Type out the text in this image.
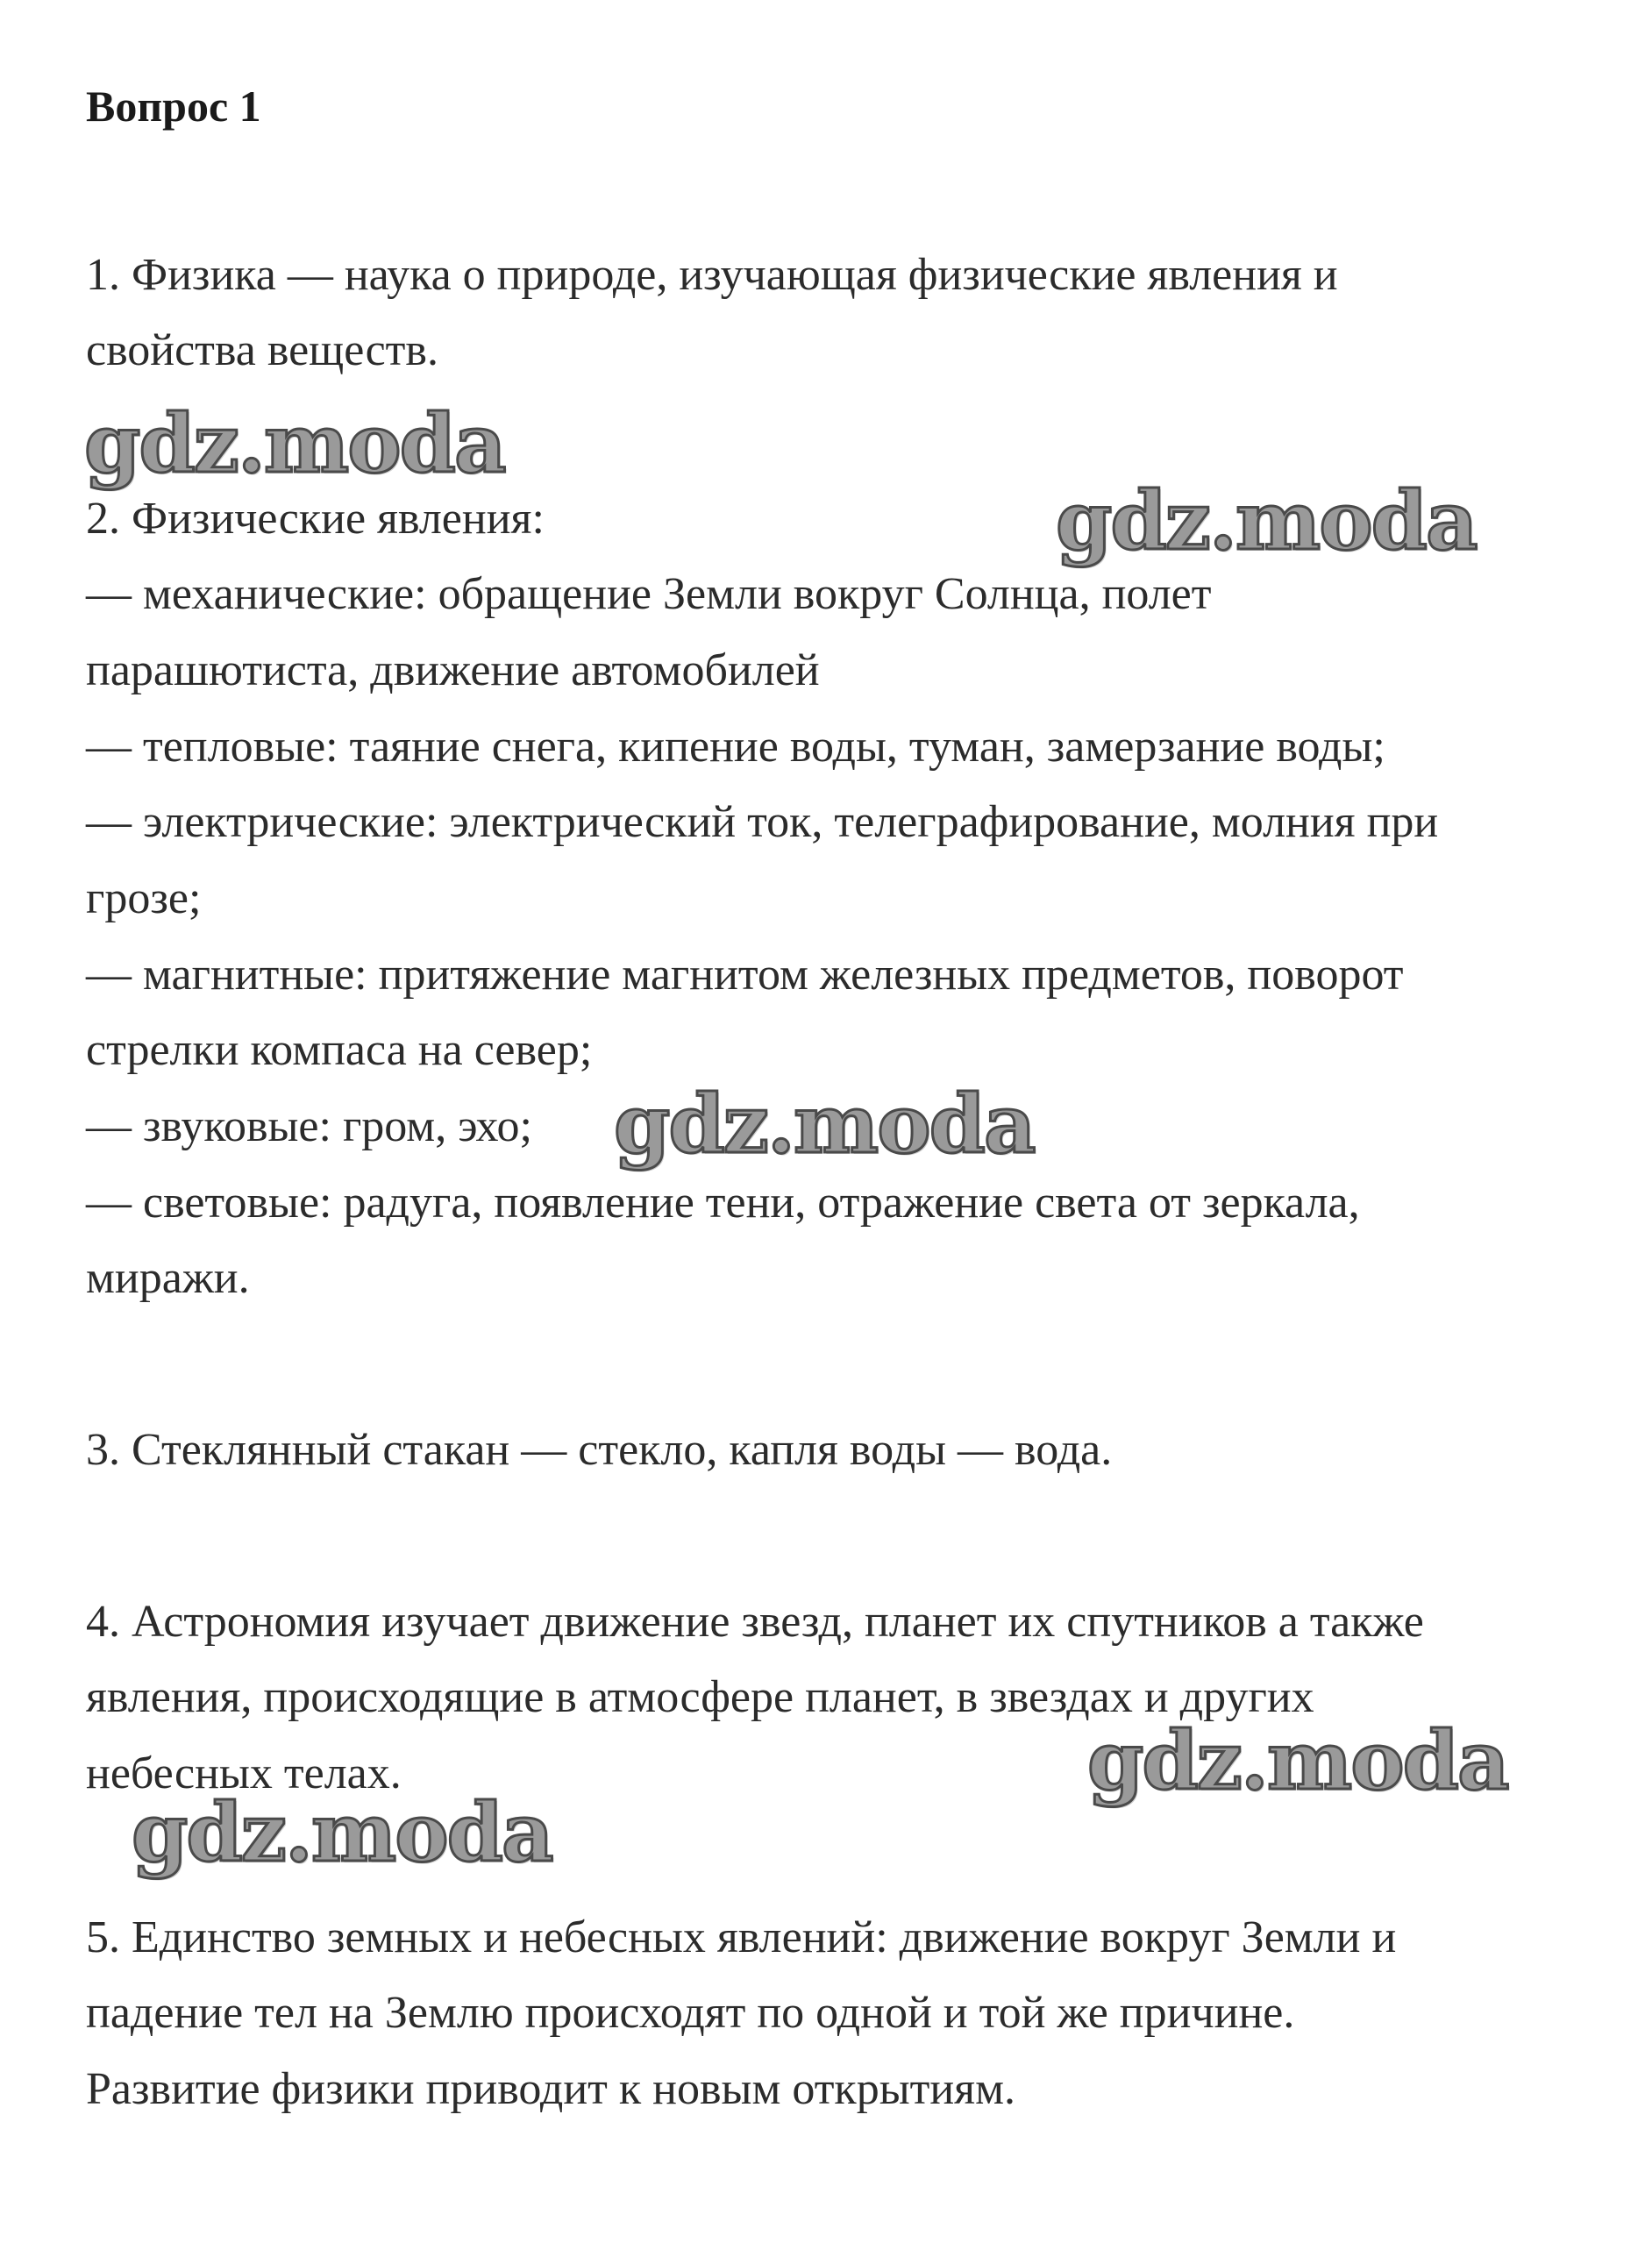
Вопрос 1
1. Физика — наука о природе, изучающая физические явления и
свойства веществ.
2. Физические явления:
— механические: обращение Земли вокруг Солнца, полет
парашютиста, движение автомобилей
— тепловые: таяние снега, кипение воды, туман, замерзание воды;
— электрические: электрический ток, телеграфирование, молния при
грозе;
— магнитные: притяжение магнитом железных предметов, поворот
стрелки компаса на север;
— звуковые: гром, эхо;
— световые: радуга, появление тени, отражение света от зеркала,
миражи.
3. Стеклянный стакан — стекло, капля воды — вода.
4. Астрономия изучает движение звезд, планет их спутников а также
явления, происходящие в атмосфере планет, в звездах и других
небесных телах.
5. Единство земных и небесных явлений: движение вокруг Земли и
падение тел на Землю происходят по одной и той же причине.
Развитие физики приводит к новым открытиям.
gdz.moda
gdz.moda
gdz.moda
gdz.moda
gdz.moda
